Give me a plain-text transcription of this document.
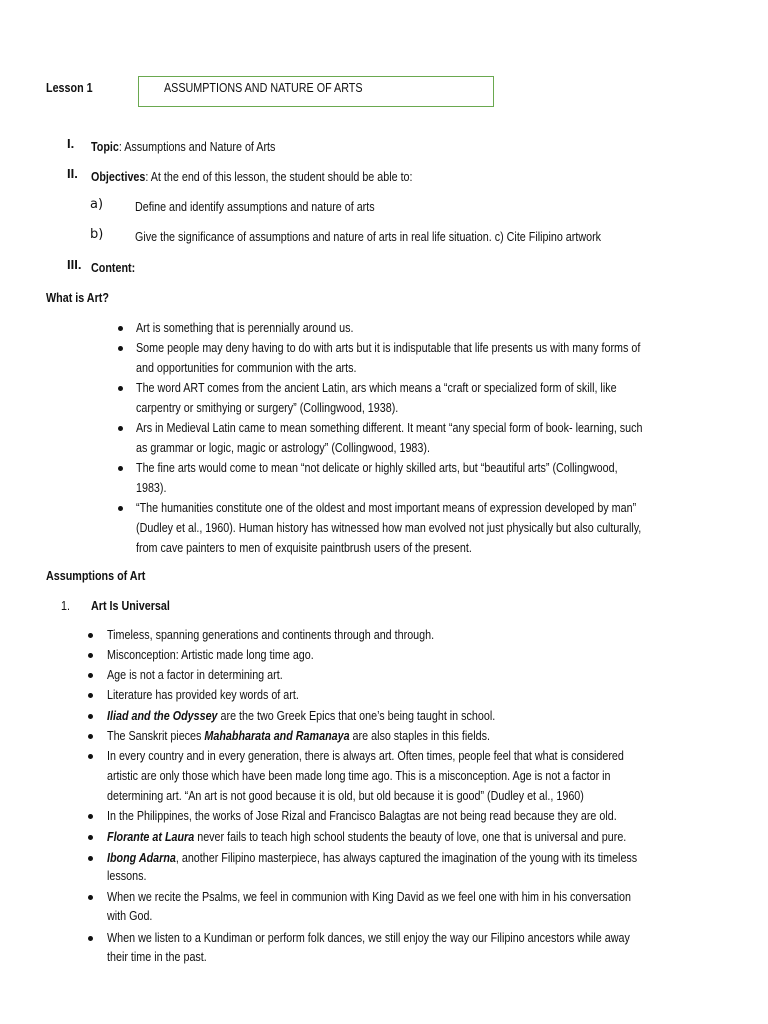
Lesson 1	ASSUMPTIONS AND NATURE OF ARTS
I. Topic: Assumptions and Nature of Arts
II. Objectives: At the end of this lesson, the student should be able to:
a)	Define and identify assumptions and nature of arts
b)	Give the significance of assumptions and nature of arts in real life situation. c) Cite Filipino artwork
III. Content:
What is Art?
Art is something that is perennially around us.
Some people may deny having to do with arts but it is indisputable that life presents us with many forms of
and opportunities for communion with the arts.
The word ART comes from the ancient Latin, ars which means a “craft or specialized form of skill, like
carpentry or smithying or surgery” (Collingwood, 1938).
Ars in Medieval Latin came to mean something different. It meant “any special form of book- learning, such
as grammar or logic, magic or astrology” (Collingwood, 1983).
The fine arts would come to mean “not delicate or highly skilled arts, but “beautiful arts” (Collingwood,
1983).
“The humanities constitute one of the oldest and most important means of expression developed by man”
(Dudley et al., 1960). Human history has witnessed how man evolved not just physically but also culturally,
from cave painters to men of exquisite paintbrush users of the present.
Assumptions of Art
1. Art Is Universal
Timeless, spanning generations and continents through and through.
Misconception: Artistic made long time ago.
Age is not a factor in determining art.
Literature has provided key words of art.
Iliad and the Odyssey are the two Greek Epics that one’s being taught in school.
The Sanskrit pieces Mahabharata and Ramanaya are also staples in this fields.
In every country and in every generation, there is always art. Often times, people feel that what is considered
artistic are only those which have been made long time ago. This is a misconception. Age is not a factor in
determining art. “An art is not good because it is old, but old because it is good” (Dudley et al., 1960)
In the Philippines, the works of Jose Rizal and Francisco Balagtas are not being read because they are old.
Florante at Laura never fails to teach high school students the beauty of love, one that is universal and pure.
Ibong Adarna, another Filipino masterpiece, has always captured the imagination of the young with its timeless
lessons.
When we recite the Psalms, we feel in communion with King David as we feel one with him in his conversation
with God.
When we listen to a Kundiman or perform folk dances, we still enjoy the way our Filipino ancestors while away
their time in the past.
